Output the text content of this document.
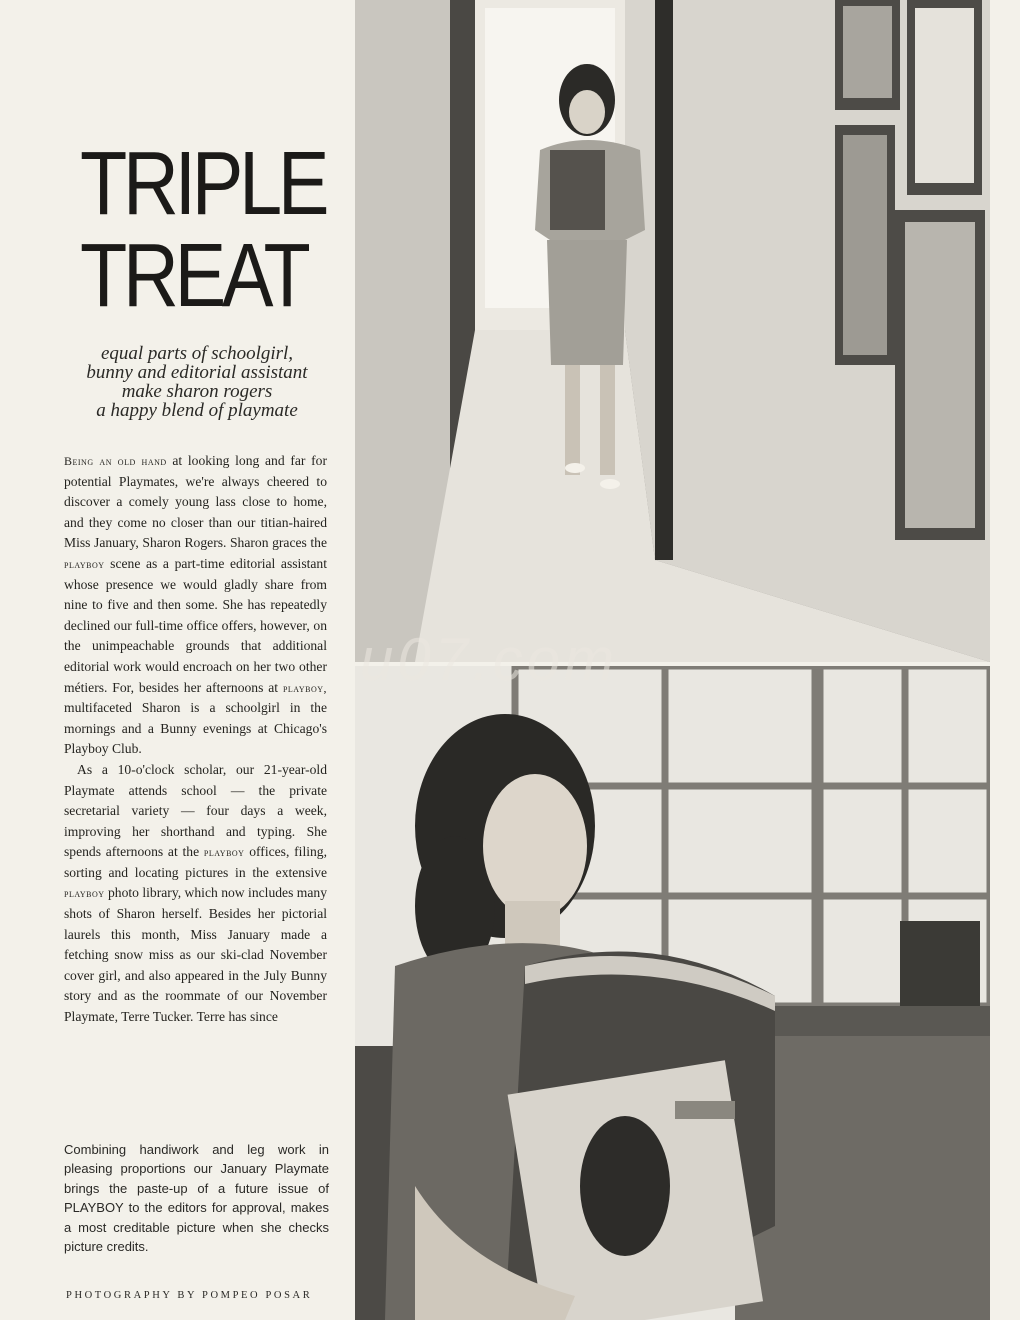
TRIPLE
TREAT

equal parts of schoolgirl,
bunny and editorial assistant
make sharon rogers
a happy blend of playmate

Being an old hand at looking long and far for potential Playmates, we're always cheered to discover a comely young lass close to home, and they come no closer than our titian-haired Miss January, Sharon Rogers. Sharon graces the playboy scene as a part-time editorial assistant whose presence we would gladly share from nine to five and then some. She has repeatedly declined our full-time office offers, however, on the unimpeachable grounds that additional editorial work would encroach on her two other métiers. For, besides her afternoons at playboy, multifaceted Sharon is a schoolgirl in the mornings and a Bunny evenings at Chicago's Playboy Club.

As a 10-o'clock scholar, our 21-year-old Playmate attends school — the private secretarial variety — four days a week, improving her shorthand and typing. She spends afternoons at the playboy offices, filing, sorting and locating pictures in the extensive playboy photo library, which now includes many shots of Sharon herself. Besides her pictorial laurels this month, Miss January made a fetching snow miss as our ski-clad November cover girl, and also appeared in the July Bunny story and as the roommate of our November Playmate, Terre Tucker. Terre has since

Combining handiwork and leg work in pleasing proportions our January Playmate brings the paste-up of a future issue of PLAYBOY to the editors for approval, makes a most creditable picture when she checks picture credits.

PHOTOGRAPHY BY POMPEO POSAR
u07.com
